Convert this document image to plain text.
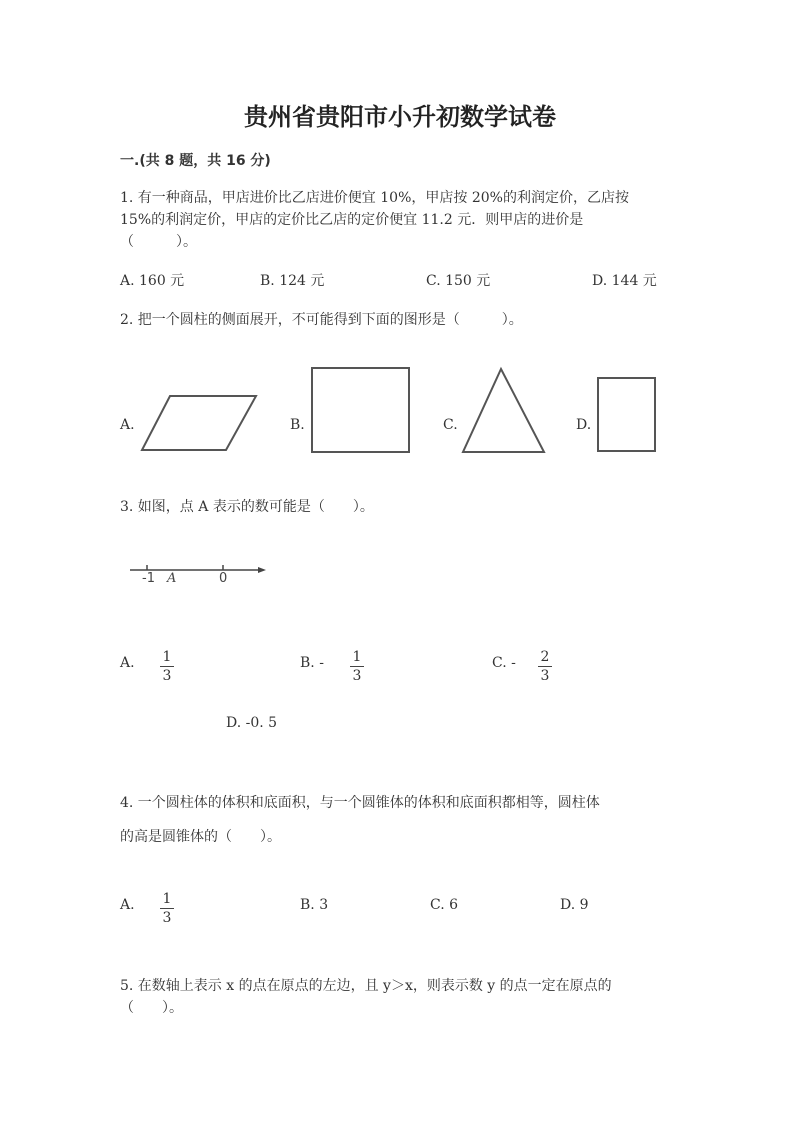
贵州省贵阳市小升初数学试卷
一.(共 8 题，共 16 分)
1. 有一种商品，甲店进价比乙店进价便宜 10%，甲店按 20%的利润定价，乙店按
15%的利润定价，甲店的定价比乙店的定价便宜 11.2 元．则甲店的进价是
（　　　）。
A. 160 元	B. 124 元	C. 150 元	D. 144 元
2. 把一个圆柱的侧面展开，不可能得到下面的图形是（　　　）。
A.	B.	C.	D.
3. 如图，点 A 表示的数可能是（　　）。
-1 A	0
A. 1
3
B. - 1
3
C. - 2
3
D. -0. 5
4. 一个圆柱体的体积和底面积，与一个圆锥体的体积和底面积都相等，圆柱体
的高是圆锥体的（　　）。
A. 1
3
B. 3	C. 6	D. 9
5. 在数轴上表示 x 的点在原点的左边，且 y＞x，则表示数 y 的点一定在原点的
（　　）。
